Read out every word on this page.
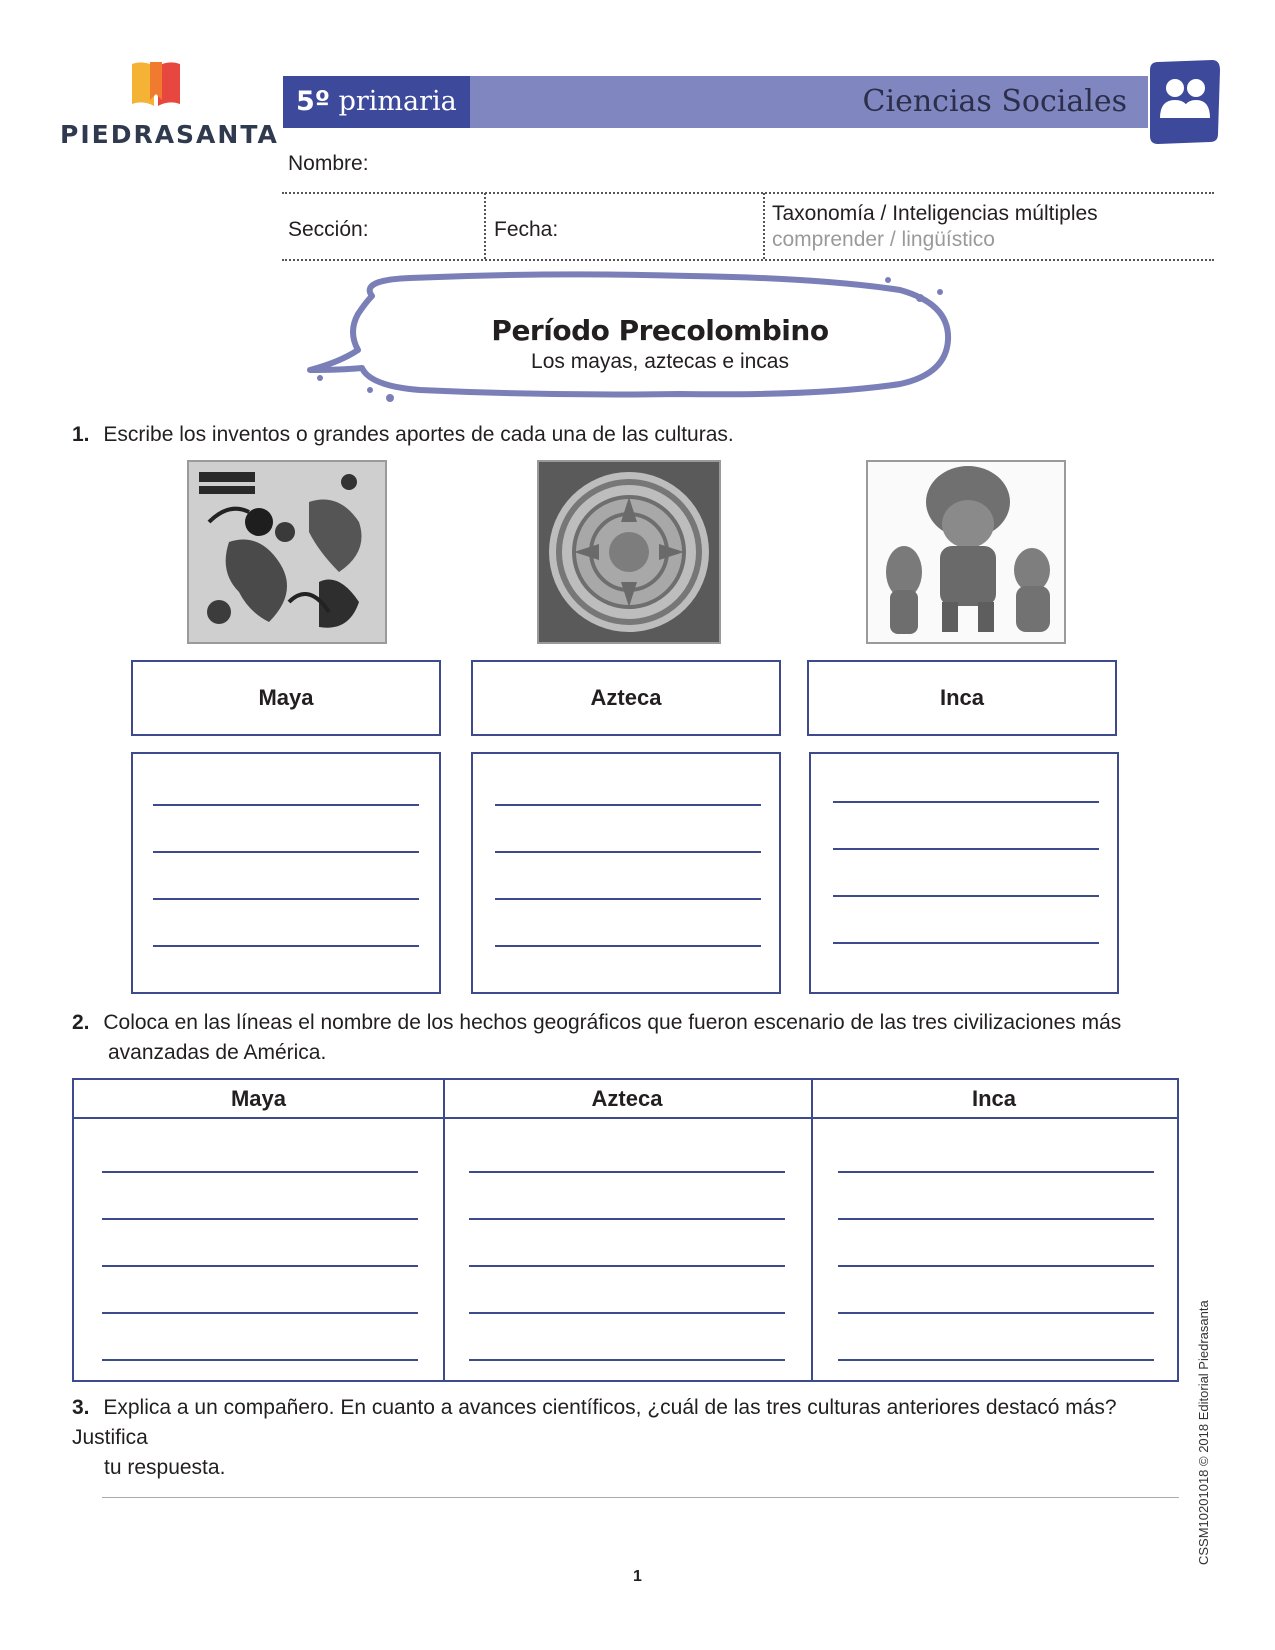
PIEDRASANTA
5º primaria	Ciencias Sociales
Nombre:
Sección:	Fecha:
Taxonomía / Inteligencias múltiples
comprender / lingüístico
Período Precolombino
Los mayas, aztecas e incas
1. Escribe los inventos o grandes aportes de cada una de las culturas.
Maya	Azteca	Inca
2. Coloca en las líneas el nombre de los hechos geográficos que fueron escenario de las tres civilizaciones más
avanzadas de América.
Maya	Azteca	Inca
3. Explica a un compañero. En cuanto a avances científicos, ¿cuál de las tres culturas anteriores destacó más? Justifica
tu respuesta.	CSSM10201018 © 2018 Editorial Piedrasanta
1
